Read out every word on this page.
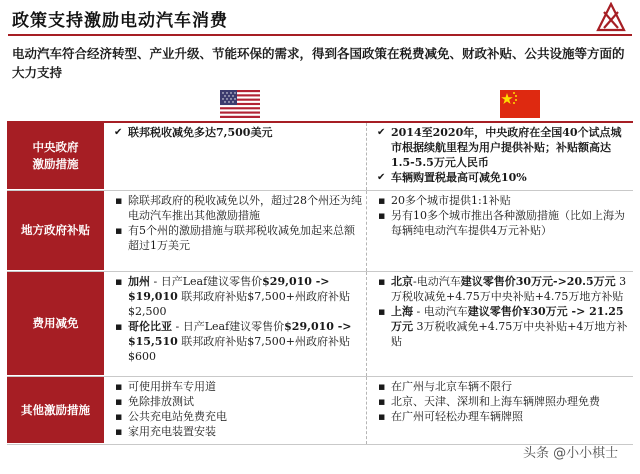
政策支持激励电动汽车消费
电动汽车符合经济转型、产业升级、节能环保的需求，得到各国政策在税费减免、财政补贴、公共设施等方面的大力支持
中央政府
激励措施
✔ 联邦税收减免多达7,500美元
✔	2014至2020年，中央政府在全国40个试点城市根据续航里程为用户提供补贴；补贴额高达1.5-5.5万元人民币
✔ 车辆购置税最高可减免10%
地方政府补贴
▪ 除联邦政府的税收减免以外，超过28个州还为纯电动汽车推出其他激励措施
▪ 有5个州的激励措施与联邦税收减免加起来总额超过1万美元
▪ 20多个城市提供1:1补贴
▪ 另有10多个城市推出各种激励措施（比如上海为每辆纯电动汽车提供4万元补贴）
费用减免
▪ 加州 - 日产Leaf建议零售价$29,010 -> $19,010 联邦政府补贴$7,500+州政府补贴$2,500
▪ 哥伦比亚 - 日产Leaf建议零售价$29,010 -> $15,510 联邦政府补贴$7,500+州政府补贴$600
▪ 北京-电动汽车建议零售价30万元->20.5万元 3万税收减免+4.75万中央补贴+4.75万地方补贴
▪ 上海 - 电动汽车建议零售价¥30万元 -> 21.25万元 3万税收减免+4.75万中央补贴+4万地方补贴
其他激励措施
▪ 可使用拼车专用道
▪ 免除排放测试
▪ 公共充电站免费充电
▪ 家用充电装置安装
▪ 在广州与北京车辆不限行
▪ 北京、天津、深圳和上海车辆牌照办理免费
▪ 在广州可轻松办理车辆牌照
头条 @小小棋士
